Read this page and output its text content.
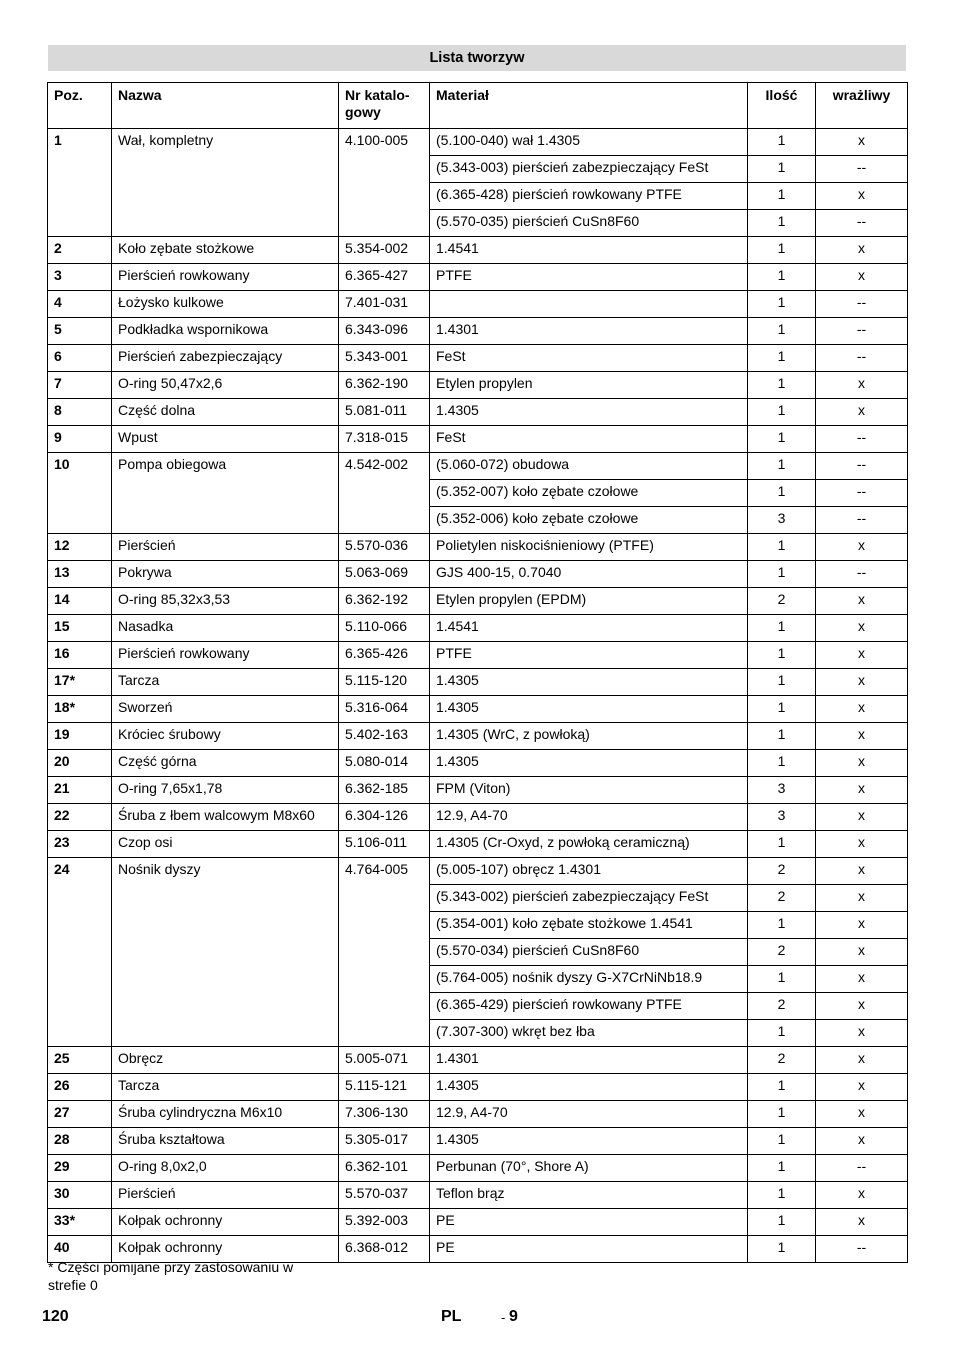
Lista tworzyw
Poz.	Nazwa	Nr katalo-gowy	Materiał	Ilość	wrażliwy
1	Wał, kompletny	4.100-005	(5.100-040) wał 1.4305	1	x
			(5.343-003) pierścień zabezpieczający FeSt	1	--
			(6.365-428) pierścień rowkowany PTFE	1	x
			(5.570-035) pierścień CuSn8F60	1	--
2	Koło zębate stożkowe	5.354-002	1.4541	1	x
3	Pierścień rowkowany	6.365-427	PTFE	1	x
4	Łożysko kulkowe	7.401-031		1	--
5	Podkładka wspornikowa	6.343-096	1.4301	1	--
6	Pierścień zabezpieczający	5.343-001	FeSt	1	--
7	O-ring 50,47x2,6	6.362-190	Etylen propylen	1	x
8	Część dolna	5.081-011	1.4305	1	x
9	Wpust	7.318-015	FeSt	1	--
10	Pompa obiegowa	4.542-002	(5.060-072) obudowa	1	--
			(5.352-007) koło zębate czołowe	1	--
			(5.352-006) koło zębate czołowe	3	--
12	Pierścień	5.570-036	Polietylen niskociśnieniowy (PTFE)	1	x
13	Pokrywa	5.063-069	GJS 400-15, 0.7040	1	--
14	O-ring 85,32x3,53	6.362-192	Etylen propylen (EPDM)	2	x
15	Nasadka	5.110-066	1.4541	1	x
16	Pierścień rowkowany	6.365-426	PTFE	1	x
17*	Tarcza	5.115-120	1.4305	1	x
18*	Sworzeń	5.316-064	1.4305	1	x
19	Króciec śrubowy	5.402-163	1.4305 (WrC, z powłoką)	1	x
20	Część górna	5.080-014	1.4305	1	x
21	O-ring 7,65x1,78	6.362-185	FPM (Viton)	3	x
22	Śruba z łbem walcowym M8x60	6.304-126	12.9, A4-70	3	x
23	Czop osi	5.106-011	1.4305 (Cr-Oxyd, z powłoką ceramiczną)	1	x
24	Nośnik dyszy	4.764-005	(5.005-107) obręcz 1.4301	2	x
			(5.343-002) pierścień zabezpieczający FeSt	2	x
			(5.354-001) koło zębate stożkowe 1.4541	1	x
			(5.570-034) pierścień CuSn8F60	2	x
			(5.764-005) nośnik dyszy G-X7CrNiNb18.9	1	x
			(6.365-429) pierścień rowkowany PTFE	2	x
			(7.307-300) wkręt bez łba	1	x
25	Obręcz	5.005-071	1.4301	2	x
26	Tarcza	5.115-121	1.4305	1	x
27	Śruba cylindryczna M6x10	7.306-130	12.9, A4-70	1	x
28	Śruba kształtowa	5.305-017	1.4305	1	x
29	O-ring 8,0x2,0	6.362-101	Perbunan (70°, Shore A)	1	--
30	Pierścień	5.570-037	Teflon brąz	1	x
33*	Kołpak ochronny	5.392-003	PE	1	x
40	Kołpak ochronny	6.368-012	PE	1	--
* Części pomijane przy zastosowaniu w strefie 0
120	PL	- 9
